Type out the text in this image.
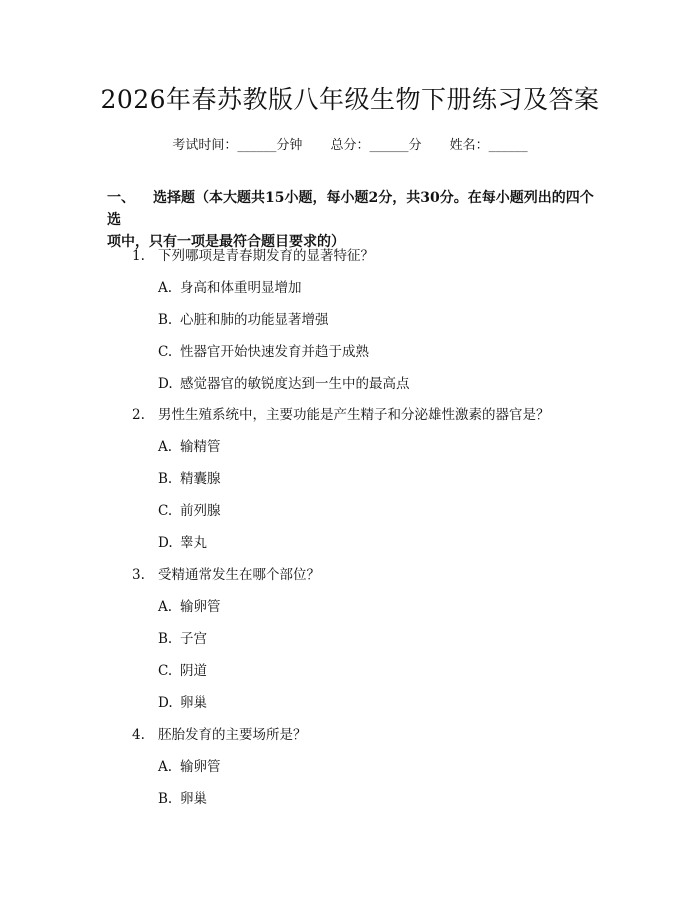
2026年春苏教版八年级生物下册练习及答案
考试时间：______分钟 总分：______分 姓名：______
一、 选择题（本大题共15小题，每小题2分，共30分。在每小题列出的四个选
项中，只有一项是最符合题目要求的）
1. 下列哪项是青春期发育的显著特征？
A. 身高和体重明显增加
B. 心脏和肺的功能显著增强
C. 性器官开始快速发育并趋于成熟
D. 感觉器官的敏锐度达到一生中的最高点
2. 男性生殖系统中，主要功能是产生精子和分泌雄性激素的器官是？
A. 输精管
B. 精囊腺
C. 前列腺
D. 睾丸
3. 受精通常发生在哪个部位？
A. 输卵管
B. 子宫
C. 阴道
D. 卵巢
4. 胚胎发育的主要场所是？
A. 输卵管
B. 卵巢
